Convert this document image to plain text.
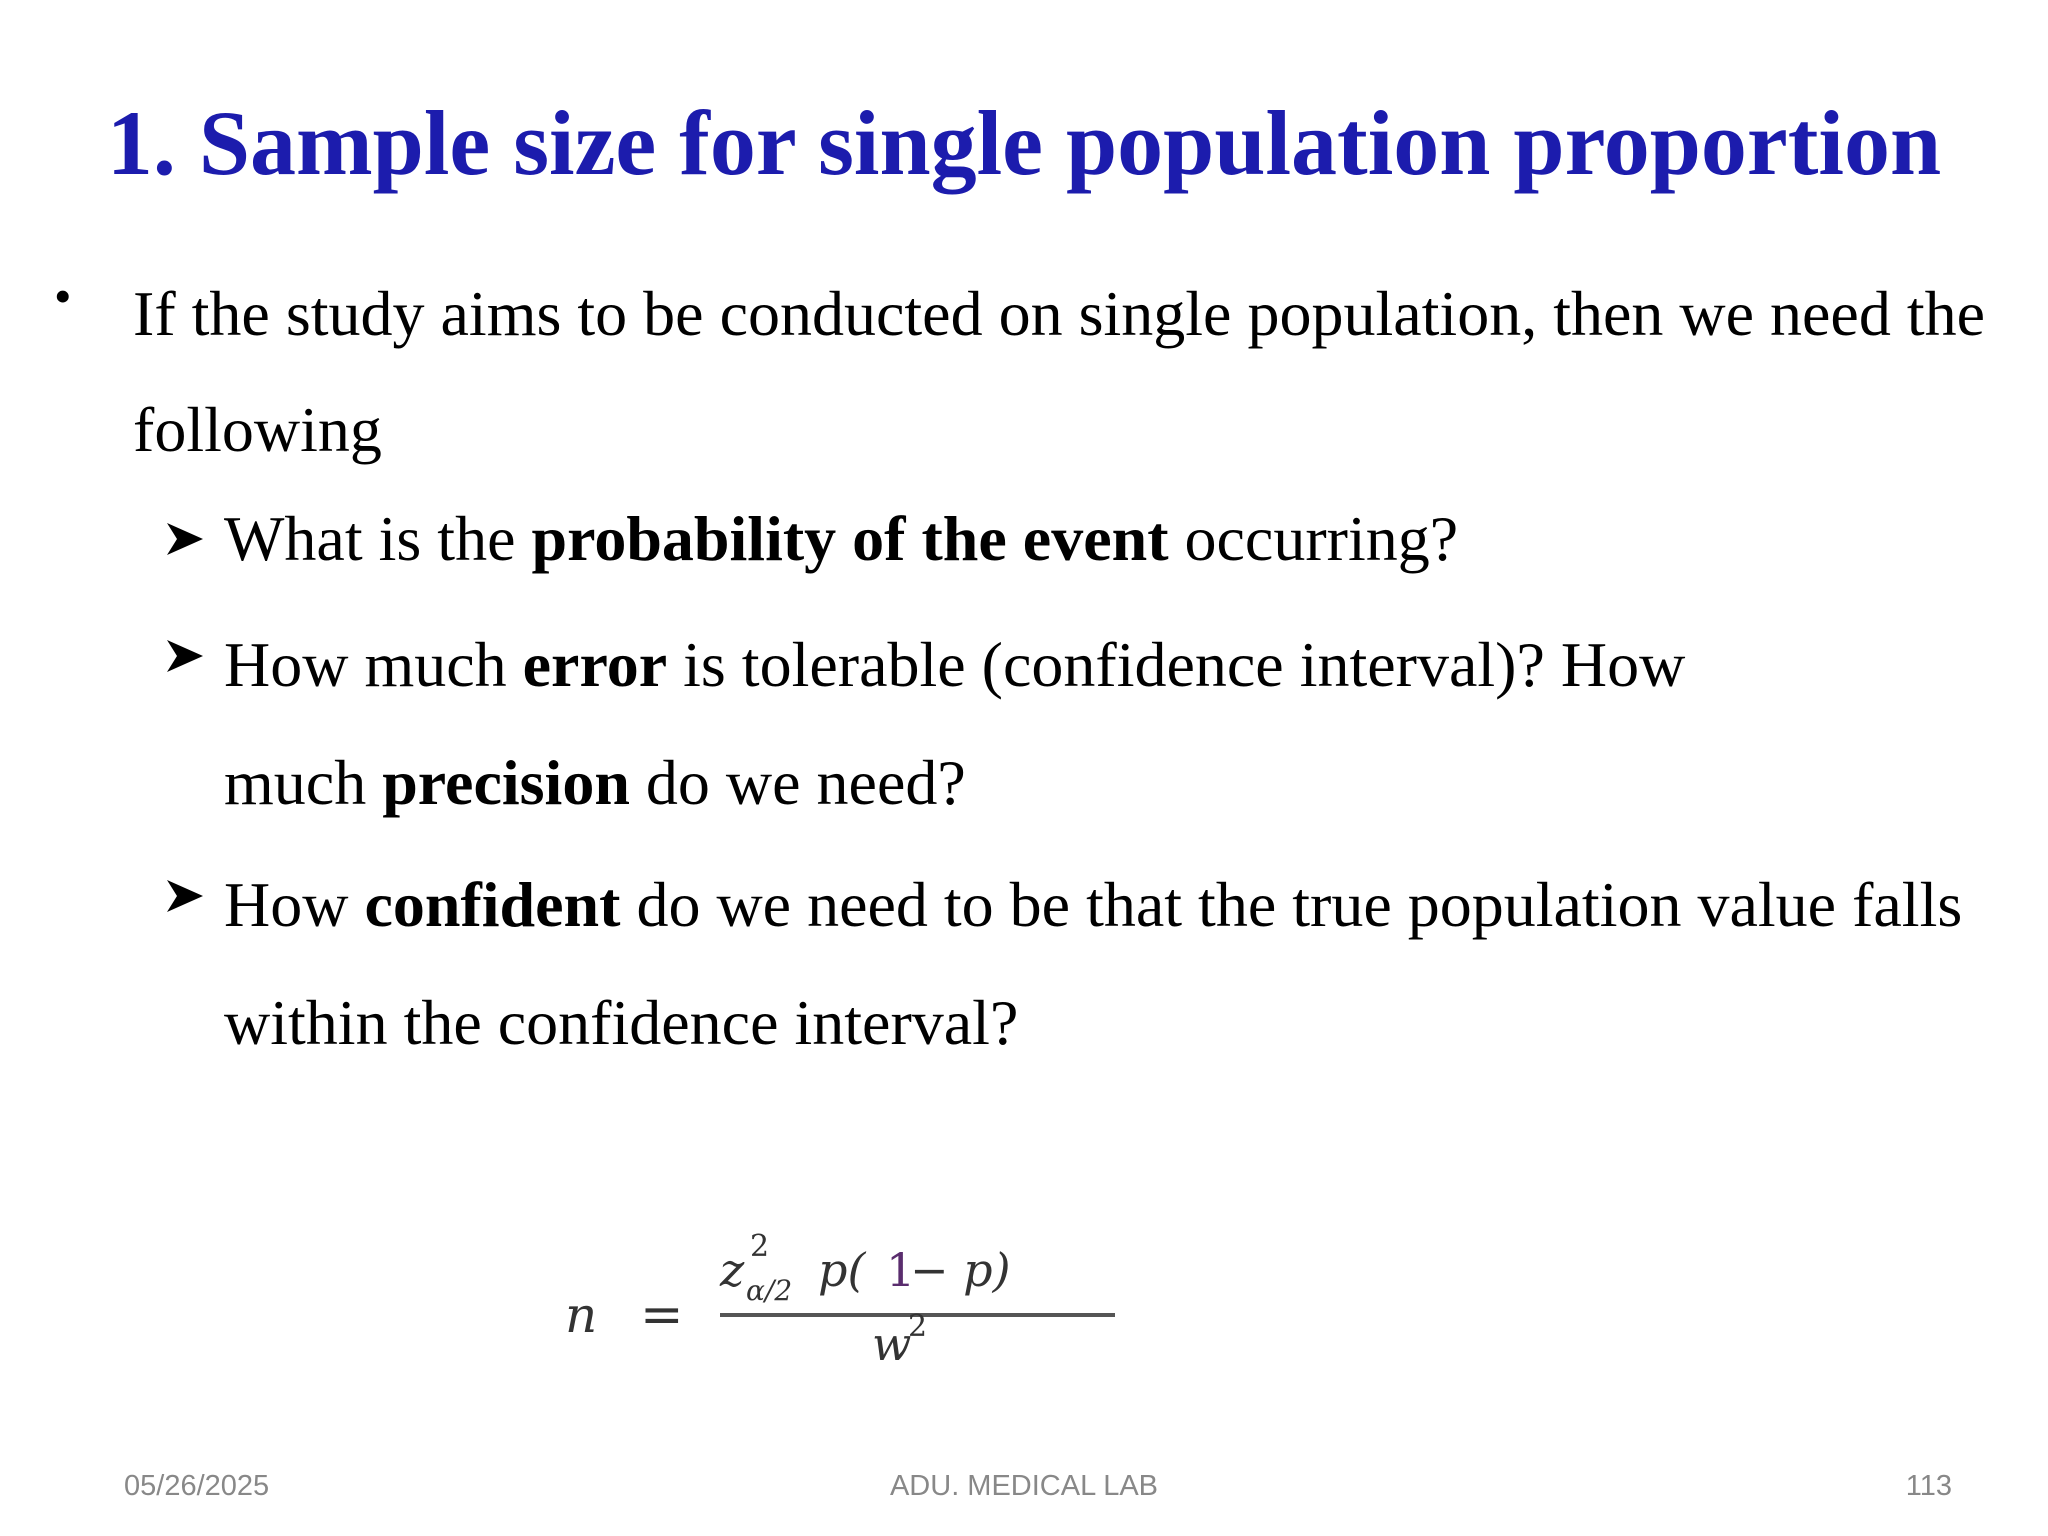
1. Sample size for single population proportion
• If the study aims to be conducted on single population, then we need the

following

What is the probability of the event occurring?

How much error is tolerable (confidence interval)? How

much precision do we need?

How confident do we need to be that the true population value falls

within the confidence interval?

n =
z 2
α/2 p( 1
− p)
w
2
05/26/2025	ADU. MEDICAL LAB	113
